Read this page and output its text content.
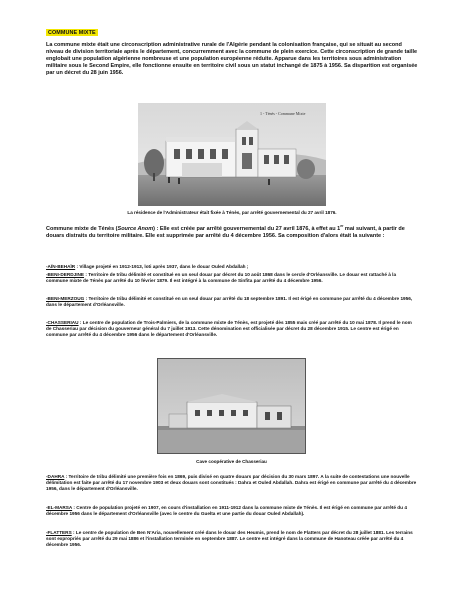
COMMUNE MIXTE

La commune mixte était une circonscription administrative rurale de l'Algérie pendant la colonisation française, qui se situait au second niveau de division territoriale après le département, concurremment avec la commune de plein exercice. Cette circonscription de grande taille englobait une population algérienne nombreuse et une population européenne réduite. Apparue dans les territoires sous administration militaire sous le Second Empire, elle fonctionne ensuite en territoire civil sous un statut inchangé de 1875 à 1956. Sa disparition est organisée par un décret du 28 juin 1956.

1 - Ténès - Commune Mixte
La résidence de l'Administrateur était fixée à Ténès, par arrêté gouvernemental du 27 avril 1876.

Commune mixte de Ténès (Source Anom) : Elle est créée par arrêté gouvernemental du 27 avril 1876, à effet au 1er mai suivant, à partir de douars distraits du territoire militaire. Elle est supprimée par arrêté du 4 décembre 1956. Sa composition d'alors était la suivante :

-AÏN-BEHAÏR : Village projeté en 1912-1913, loti après 1937, dans le douar Ouled Abdallah ;

-BENI-DERDJINE : Territoire de tribu délimité et constitué en un seul douar par décret du 10 août 1868 dans le cercle d'Orléansville. Le douar est rattaché à la commune mixte de Ténès par arrêté du 10 février 1879. Il est intégré à la commune de Sinfita par arrêté du 4 décembre 1956.

-BENI-MERZOUG : Territoire de tribu délimité et constitué en un seul douar par arrêté du 18 septembre 1891. Il est érigé en commune par arrêté du 4 décembre 1956, dans le département d'Orléansville.

-CHASSERIAU : Le centre de population de Trois-Palmiers, de la commune mixte de Ténès, est projeté dès 1855 mais créé par arrêté du 10 mai 1878. Il prend le nom de Chasseriau par décision du gouverneur général du 7 juillet 1913. Cette dénomination est officialisée par décret du 28 décembre 1915. Le centre est érigé en commune par arrêté du 4 décembre 1956 dans le département d'Orléansville.

Cave coopérative de Chasseriau

-DAHRA : Territoire de tribu délimité une première fois en 1869, puis divisé en quatre douars par décision du 30 mars 1897. A la suite de contestations une nouvelle délimitation est faite par arrêté du 17 novembre 1903 et deux douars sont constitués : Dahra et Ouled Abdallah. Dahra est érigé en commune par arrêté du 4 décembre 1956, dans le département d'Orléansville.

-EL-MARSA : Centre de population projeté en 1907, en cours d'installation en 1911-1912 dans la commune mixte de Ténès. Il est érigé en commune par arrêté du 4 décembre 1956 dans le département d'Orléansville (avec le centre du Guelta et une partie du douar Ouled Abdallah).

-FLATTERS : Le centre de population de Ben N'Aria, nouvellement créé dans le douar des Heumis, prend le nom de Flatters par décret du 28 juillet 1881. Les terrains sont expropriés par arrêté du 29 mai 1886 et l'installation terminée en septembre 1887. Le centre est intégré dans la commune de Hanoteau créée par arrêté du 4 décembre 1956.
